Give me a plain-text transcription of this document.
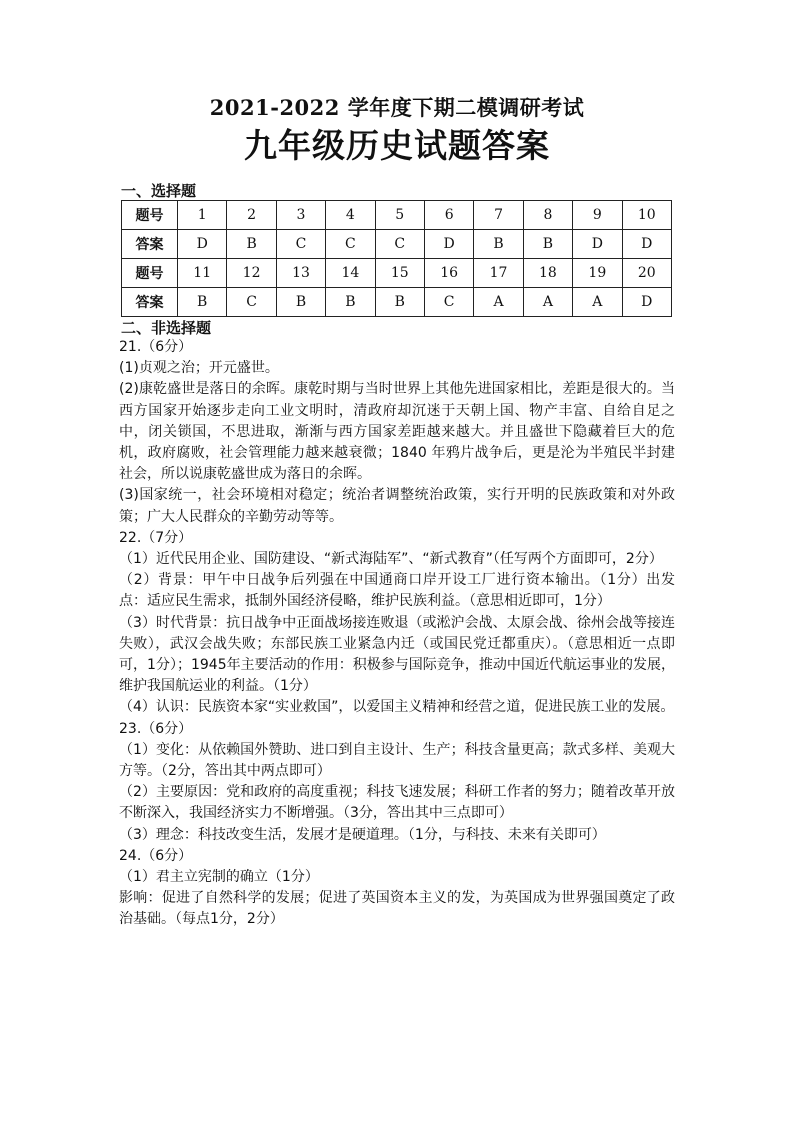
2021-2022 学年度下期二模调研考试
九年级历史试题答案
一、选择题
题号	1	2	3	4	5	6	7	8	9	10
答案	D	B	C	C	C	D	B	B	D	D
题号	11	12	13	14	15	16	17	18	19	20
答案	B	C	B	B	B	C	A	A	A	D
二、非选择题
21.（6分）
(1)贞观之治；开元盛世。
(2)康乾盛世是落日的余晖。康乾时期与当时世界上其他先进国家相比，差距是很大的。当西方国家开始逐步走向工业文明时，清政府却沉迷于天朝上国、物产丰富、自给自足之中，闭关锁国，不思进取，渐渐与西方国家差距越来越大。并且盛世下隐藏着巨大的危机，政府腐败，社会管理能力越来越衰微；1840 年鸦片战争后，更是沦为半殖民半封建社会，所以说康乾盛世成为落日的余晖。
(3)国家统一，社会环境相对稳定；统治者调整统治政策，实行开明的民族政策和对外政策；广大人民群众的辛勤劳动等等。
22.（7分）
（1）近代民用企业、国防建设、“新式海陆军”、“新式教育”（任写两个方面即可，2分）
（2）背景：甲午中日战争后列强在中国通商口岸开设工厂进行资本输出。（1分）出发点：适应民生需求，抵制外国经济侵略，维护民族利益。（意思相近即可，1分）
（3）时代背景：抗日战争中正面战场接连败退（或淞沪会战、太原会战、徐州会战等接连失败），武汉会战失败；东部民族工业紧急内迁（或国民党迁都重庆）。（意思相近一点即可，1分）；1945年主要活动的作用：积极参与国际竞争，推动中国近代航运事业的发展，维护我国航运业的利益。（1分）
（4）认识：民族资本家“实业救国”，以爱国主义精神和经营之道，促进民族工业的发展。
23.（6分）
（1）变化：从依赖国外赞助、进口到自主设计、生产；科技含量更高；款式多样、美观大方等。（2分，答出其中两点即可）
（2）主要原因：党和政府的高度重视；科技飞速发展；科研工作者的努力；随着改革开放不断深入，我国经济实力不断增强。（3分，答出其中三点即可）
（3）理念：科技改变生活，发展才是硬道理。（1分，与科技、未来有关即可）
24.（6分）
（1）君主立宪制的确立（1分）
影响：促进了自然科学的发展；促进了英国资本主义的发，为英国成为世界强国奠定了政治基础。（每点1分，2分）
